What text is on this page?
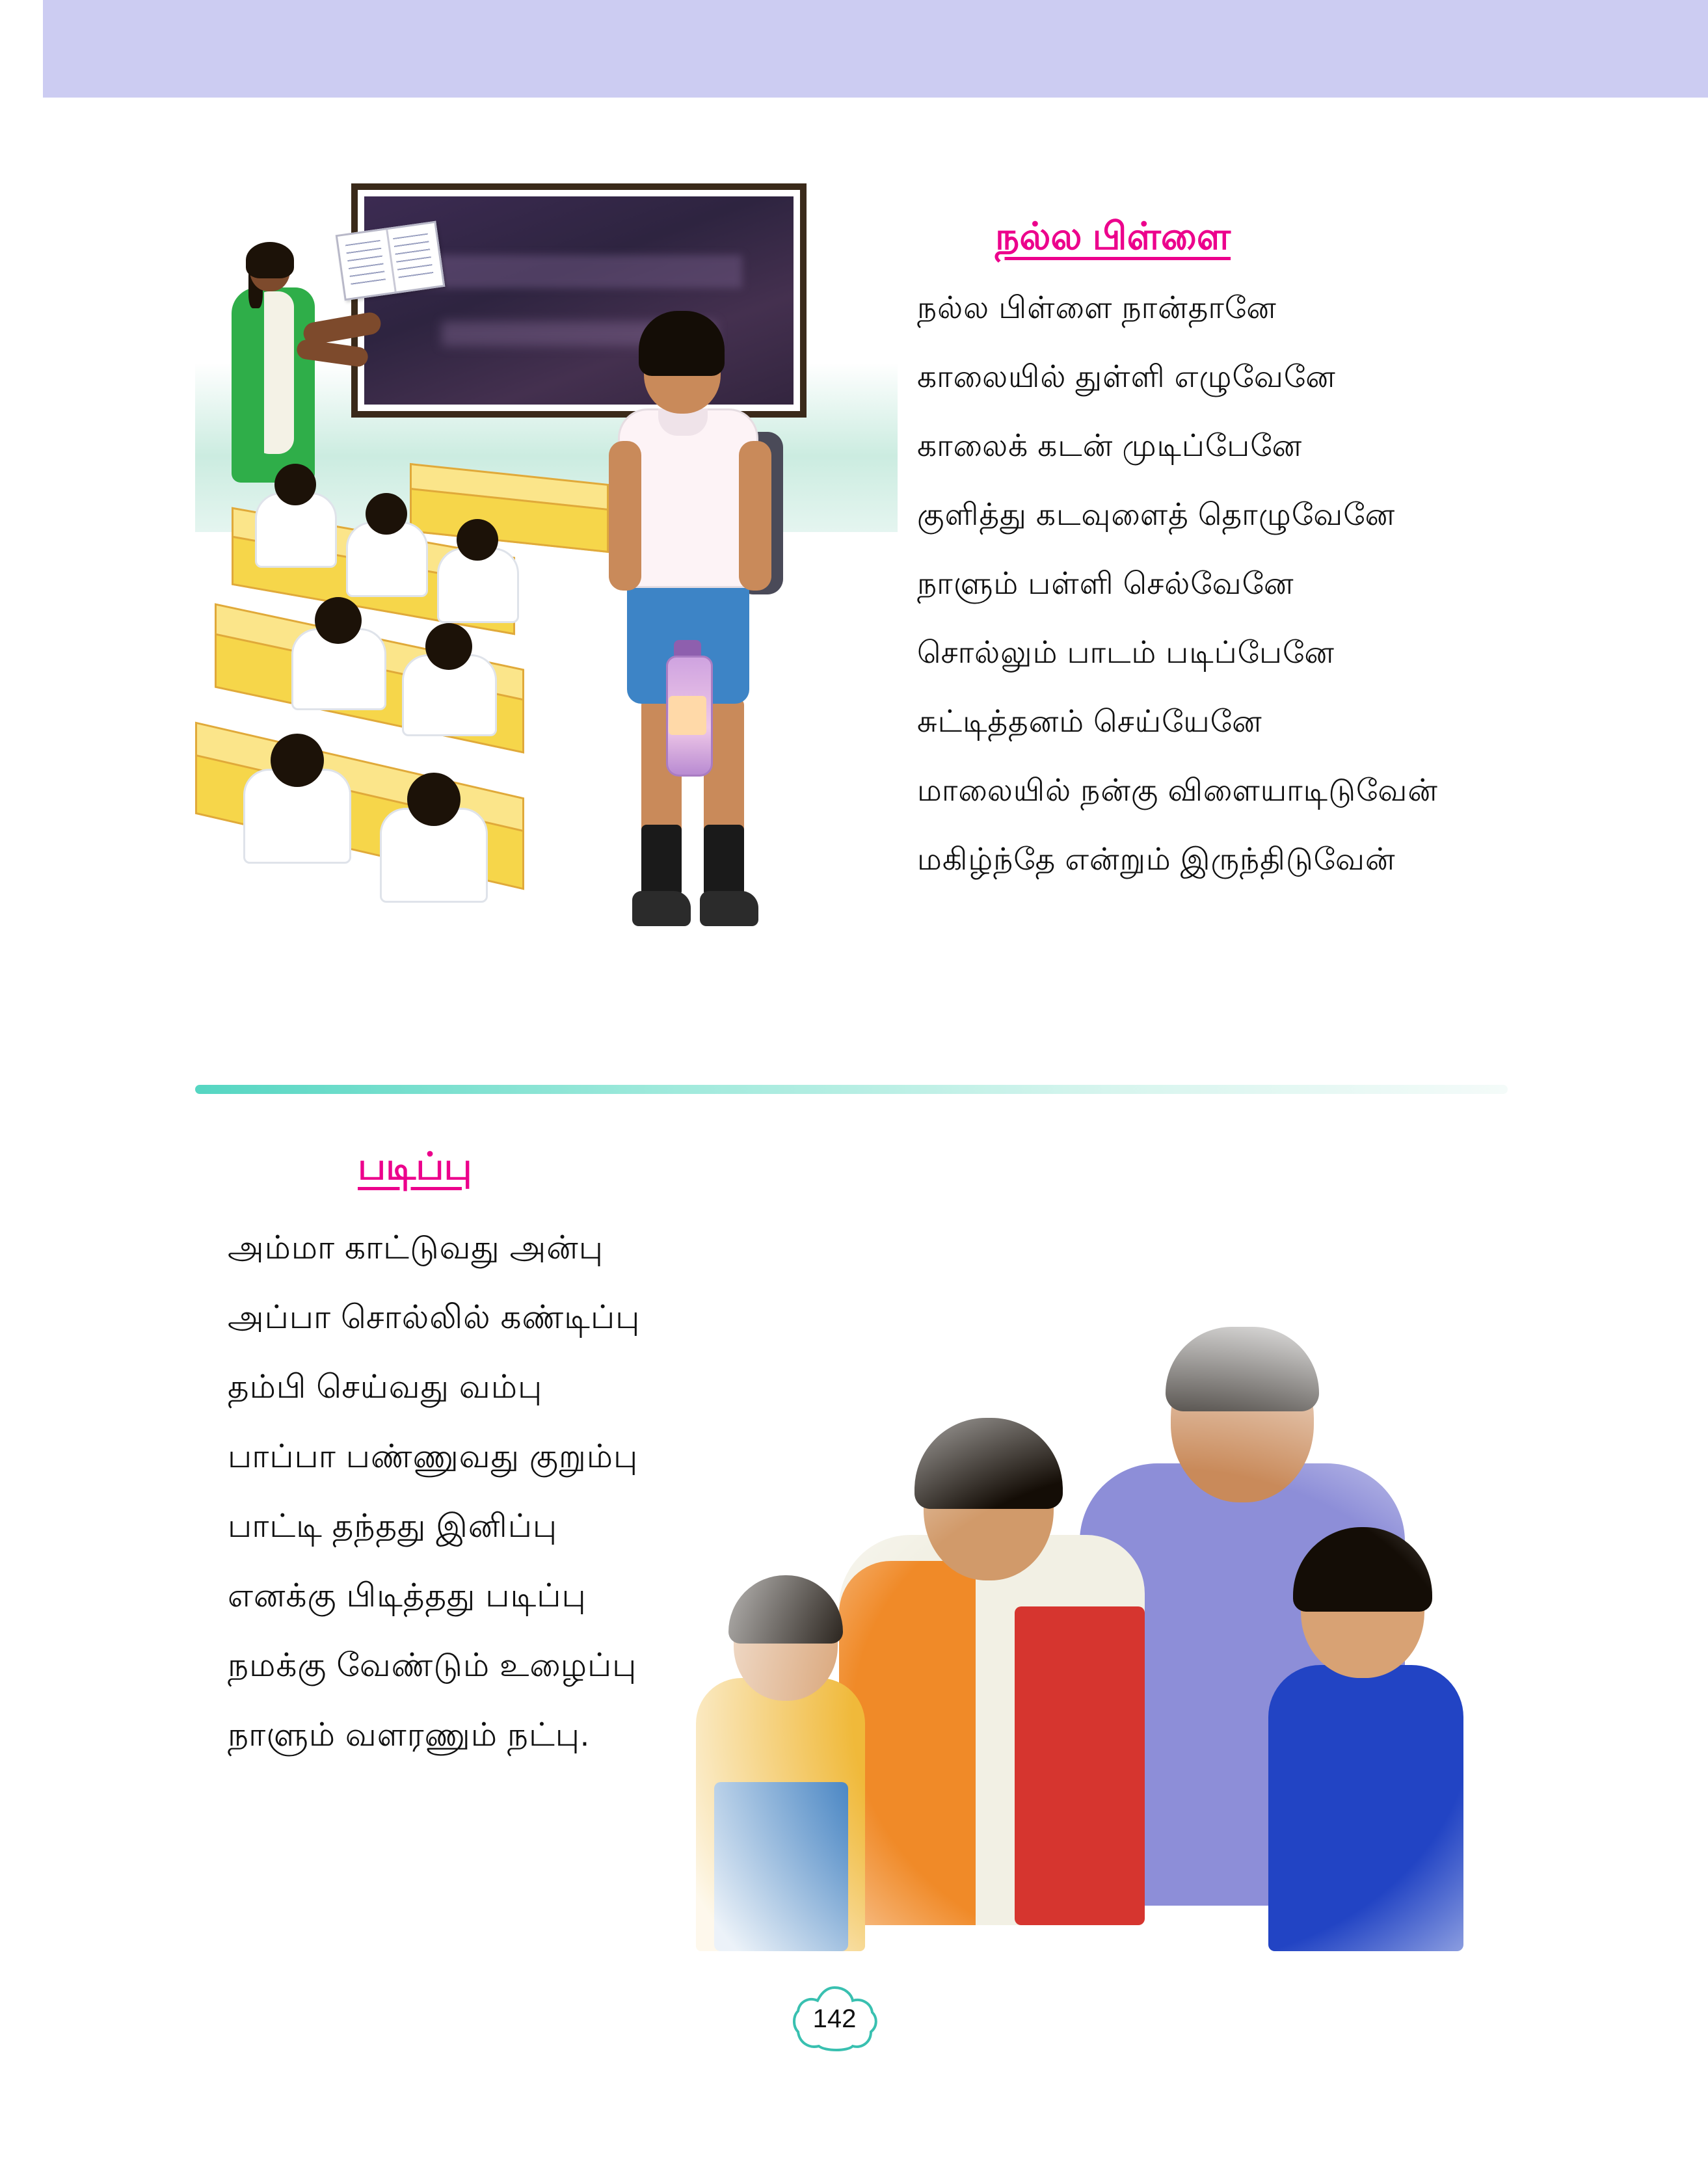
நல்ல பிள்ளை
நல்ல பிள்ளை நான்தானே
காலையில் துள்ளி எழுவேனே
காலைக் கடன் முடிப்பேனே
குளித்து கடவுளைத் தொழுவேனே
நாளும் பள்ளி செல்வேனே
சொல்லும் பாடம் படிப்பேனே
சுட்டித்தனம் செய்யேனே
மாலையில் நன்கு விளையாடிடுவேன்
மகிழ்ந்தே என்றும் இருந்திடுவேன்
படிப்பு
அம்மா காட்டுவது அன்பு
அப்பா சொல்லில் கண்டிப்பு
தம்பி செய்வது வம்பு
பாப்பா பண்ணுவது குறும்பு
பாட்டி தந்தது இனிப்பு
எனக்கு பிடித்தது படிப்பு
நமக்கு வேண்டும் உழைப்பு
நாளும் வளரணும் நட்பு.
142
